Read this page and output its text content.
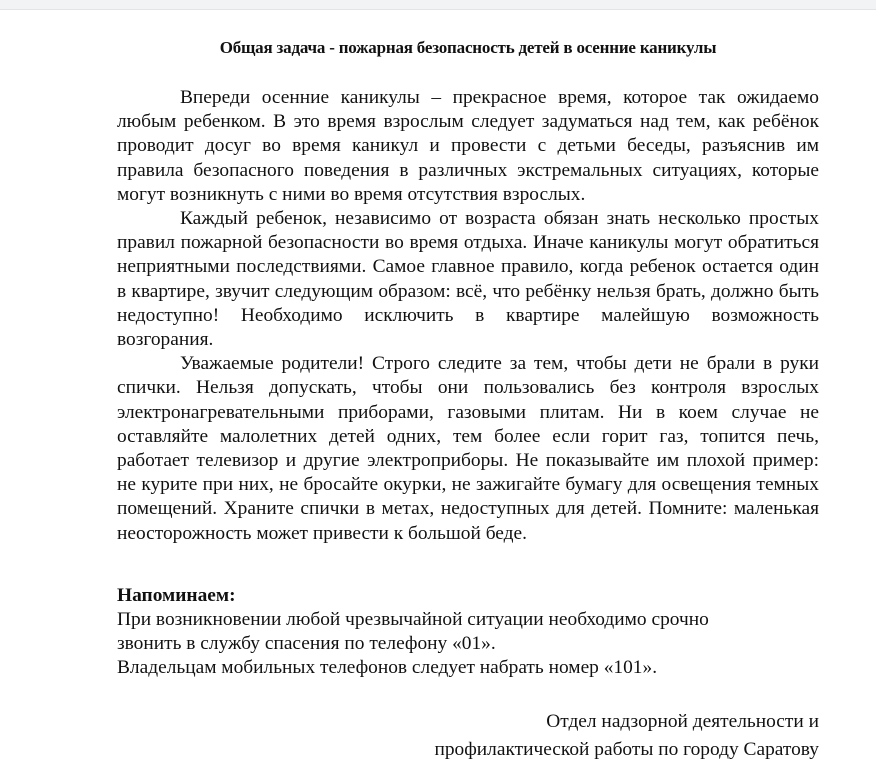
Общая задача - пожарная безопасность детей в осенние каникулы

Впереди осенние каникулы – прекрасное время, которое так ожидаемо любым ребенком. В это время взрослым следует задуматься над тем, как ребёнок проводит досуг во время каникул и провести с детьми беседы, разъяснив им правила безопасного поведения в различных экстремальных ситуациях, которые могут возникнуть с ними во время отсутствия взрослых.

Каждый ребенок, независимо от возраста обязан знать несколько простых правил пожарной безопасности во время отдыха. Иначе каникулы могут обратиться неприятными последствиями. Самое главное правило, когда ребенок остается один в квартире, звучит следующим образом: всё, что ребёнку нельзя брать, должно быть недоступно! Необходимо исключить в квартире малейшую возможность возгорания.

Уважаемые родители! Строго следите за тем, чтобы дети не брали в руки спички. Нельзя допускать, чтобы они пользовались без контроля взрослых электронагревательными приборами, газовыми плитам. Ни в коем случае не оставляйте малолетних детей одних, тем более если горит газ, топится печь, работает телевизор и другие электроприборы. Не показывайте им плохой пример: не курите при них, не бросайте окурки, не зажигайте бумагу для освещения темных помещений. Храните спички в метах, недоступных для детей. Помните: маленькая неосторожность может привести к большой беде.

Напоминаем:
При возникновении любой чрезвычайной ситуации необходимо срочно
звонить в службу спасения по телефону «01».
Владельцам мобильных телефонов следует набрать номер «101».
Отдел надзорной деятельности и
профилактической работы по городу Саратову
